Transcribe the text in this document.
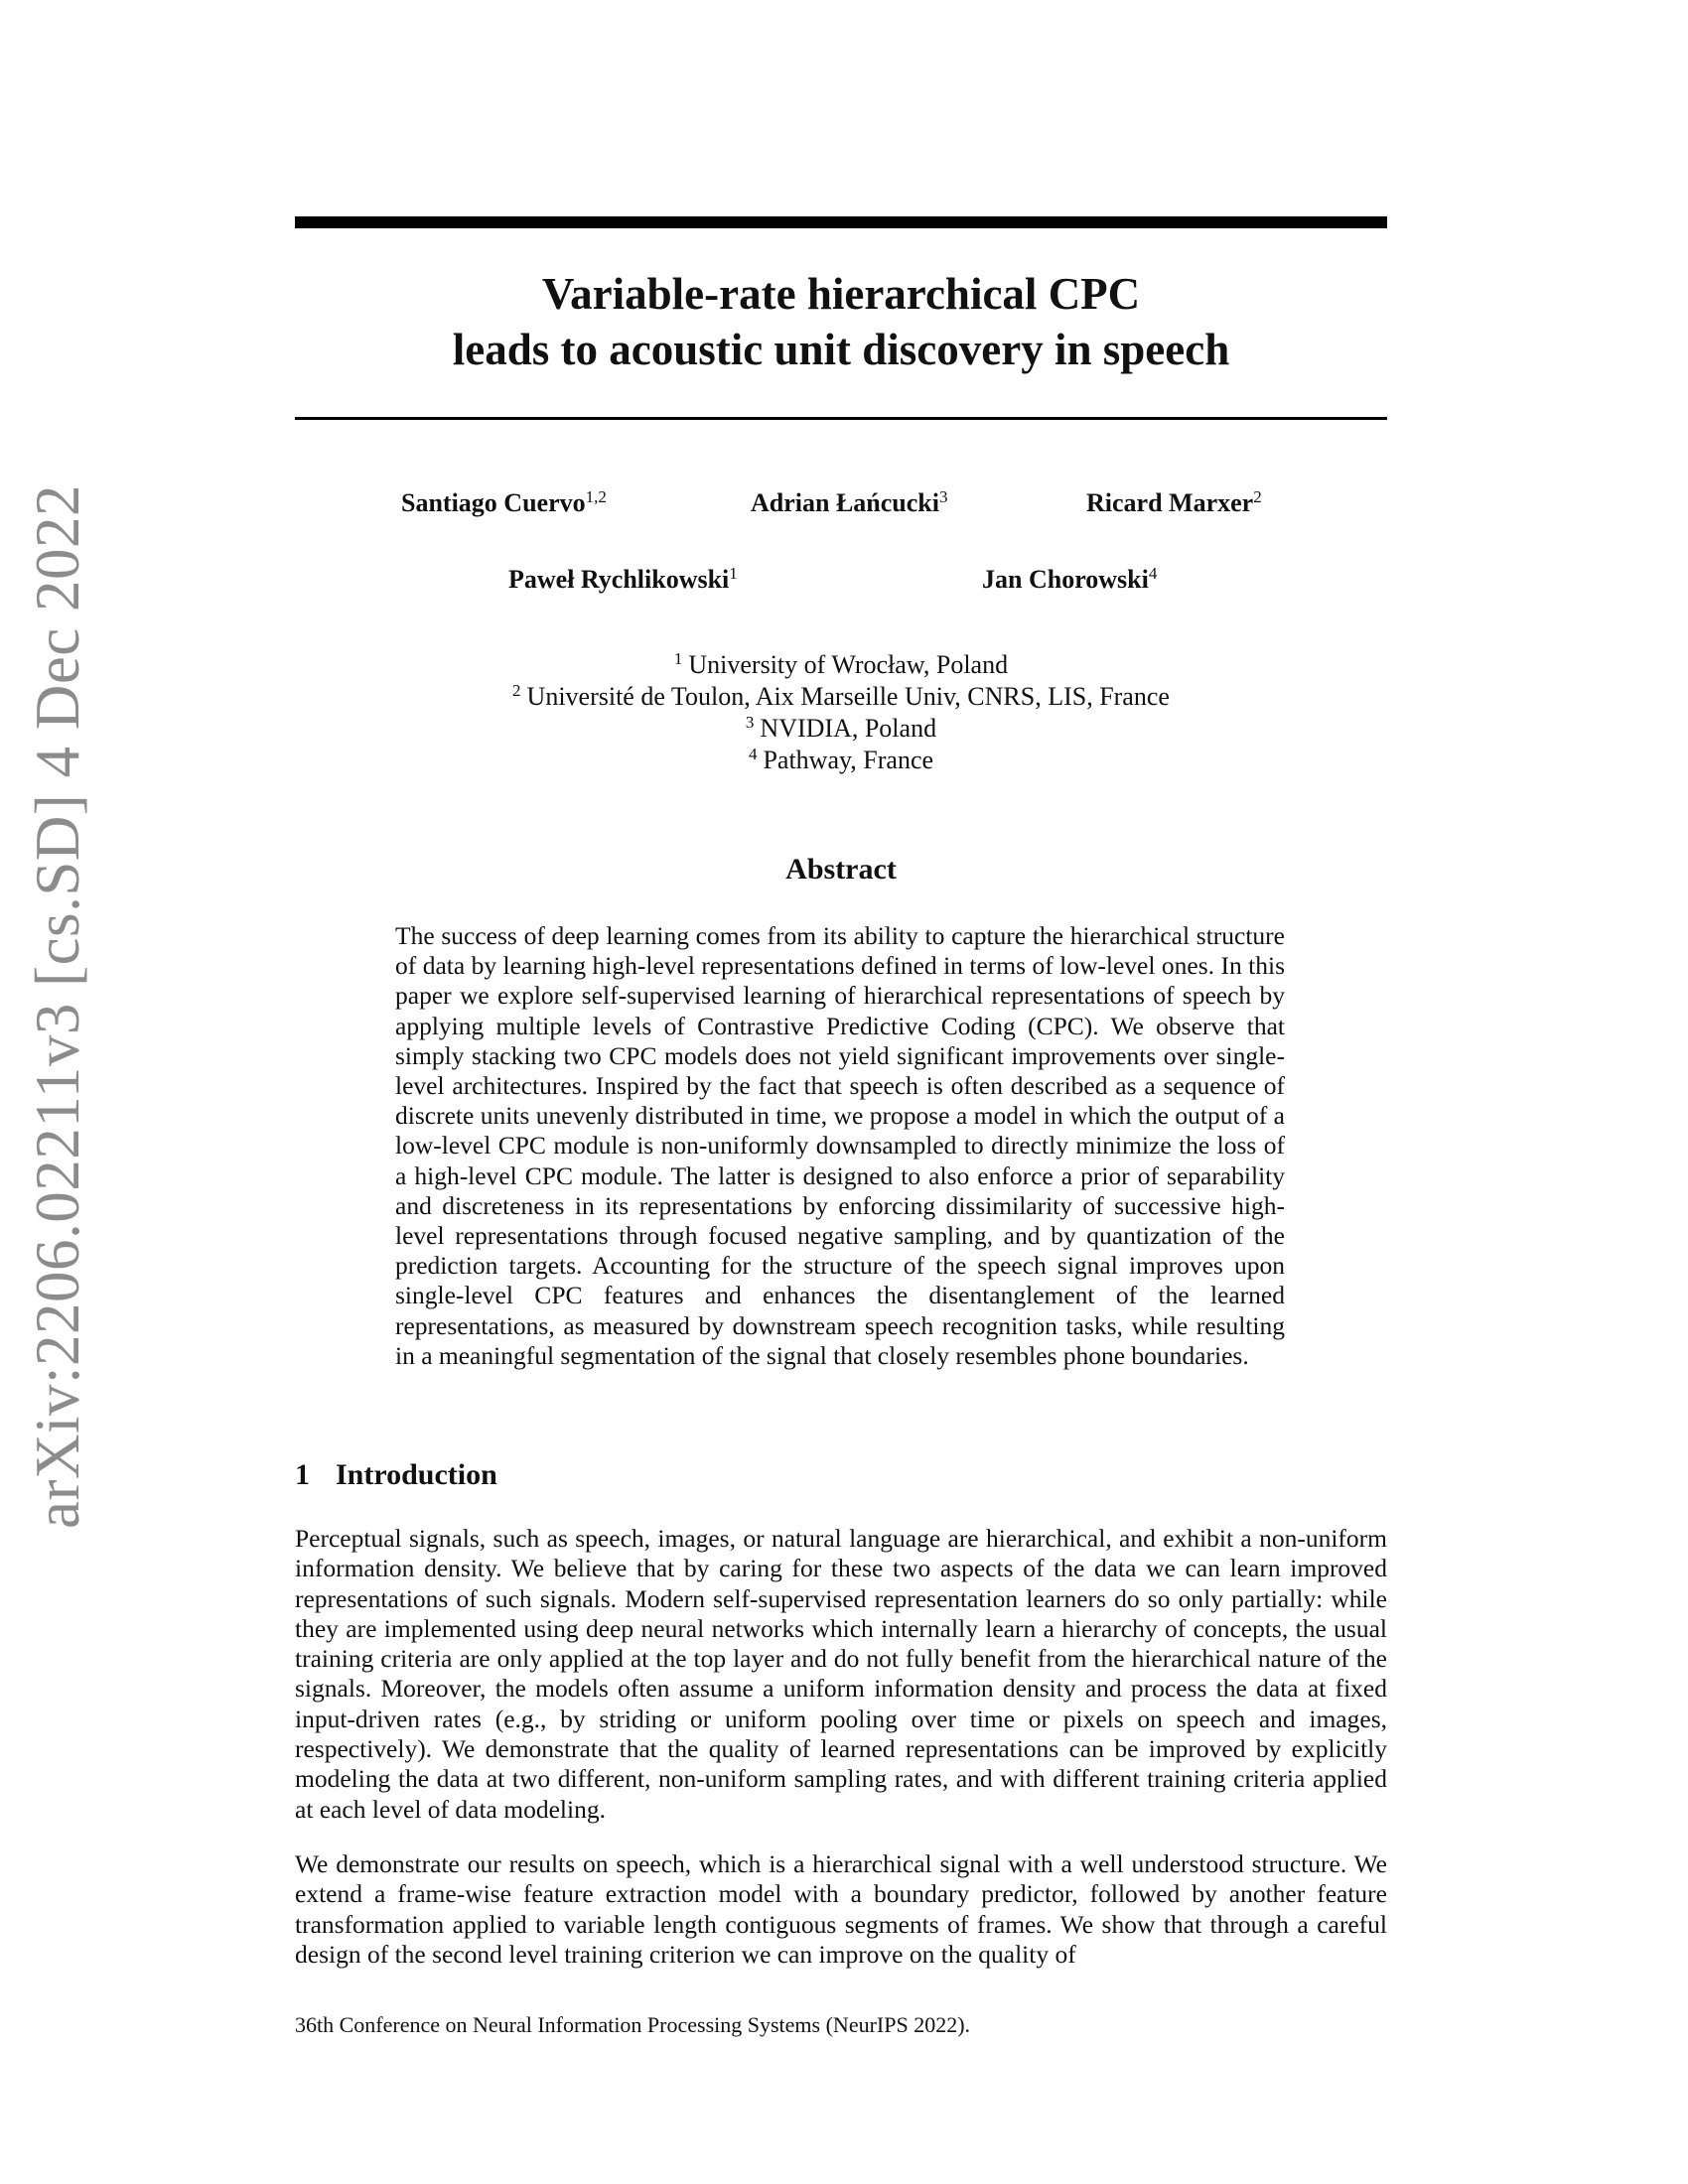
arXiv:2206.02211v3 [cs.SD] 4 Dec 2022
Variable-rate hierarchical CPC
leads to acoustic unit discovery in speech
Santiago Cuervo$^{1,2}$	Adrian Łańcucki$^3$	Ricard Marxer$^2$
Paweł Rychlikowski$^1$	Jan Chorowski$^4$
$^1$ University of Wrocław, Poland
$^2$ Université de Toulon, Aix Marseille Univ, CNRS, LIS, France
$^3$ NVIDIA, Poland
$^4$ Pathway, France
Abstract

The success of deep learning comes from its ability to capture the hierarchical structure of data by learning high-level representations defined in terms of low-level ones. In this paper we explore self-supervised learning of hierarchical representations of speech by applying multiple levels of Contrastive Predictive Coding (CPC). We observe that simply stacking two CPC models does not yield significant improvements over single-level architectures. Inspired by the fact that speech is often described as a sequence of discrete units unevenly distributed in time, we propose a model in which the output of a low-level CPC module is non-uniformly downsampled to directly minimize the loss of a high-level CPC module. The latter is designed to also enforce a prior of separability and discreteness in its representations by enforcing dissimilarity of successive high-level representations through focused negative sampling, and by quantization of the prediction targets. Accounting for the structure of the speech signal improves upon single-level CPC features and enhances the disentanglement of the learned representations, as measured by downstream speech recognition tasks, while resulting in a meaningful segmentation of the signal that closely resembles phone boundaries.

1 Introduction

Perceptual signals, such as speech, images, or natural language are hierarchical, and exhibit a non-uniform information density. We believe that by caring for these two aspects of the data we can learn improved representations of such signals. Modern self-supervised representation learners do so only partially: while they are implemented using deep neural networks which internally learn a hierarchy of concepts, the usual training criteria are only applied at the top layer and do not fully benefit from the hierarchical nature of the signals. Moreover, the models often assume a uniform information density and process the data at fixed input-driven rates (e.g., by striding or uniform pooling over time or pixels on speech and images, respectively). We demonstrate that the quality of learned representations can be improved by explicitly modeling the data at two different, non-uniform sampling rates, and with different training criteria applied at each level of data modeling.

We demonstrate our results on speech, which is a hierarchical signal with a well understood structure. We extend a frame-wise feature extraction model with a boundary predictor, followed by another feature transformation applied to variable length contiguous segments of frames. We show that through a careful design of the second level training criterion we can improve on the quality of

36th Conference on Neural Information Processing Systems (NeurIPS 2022).
